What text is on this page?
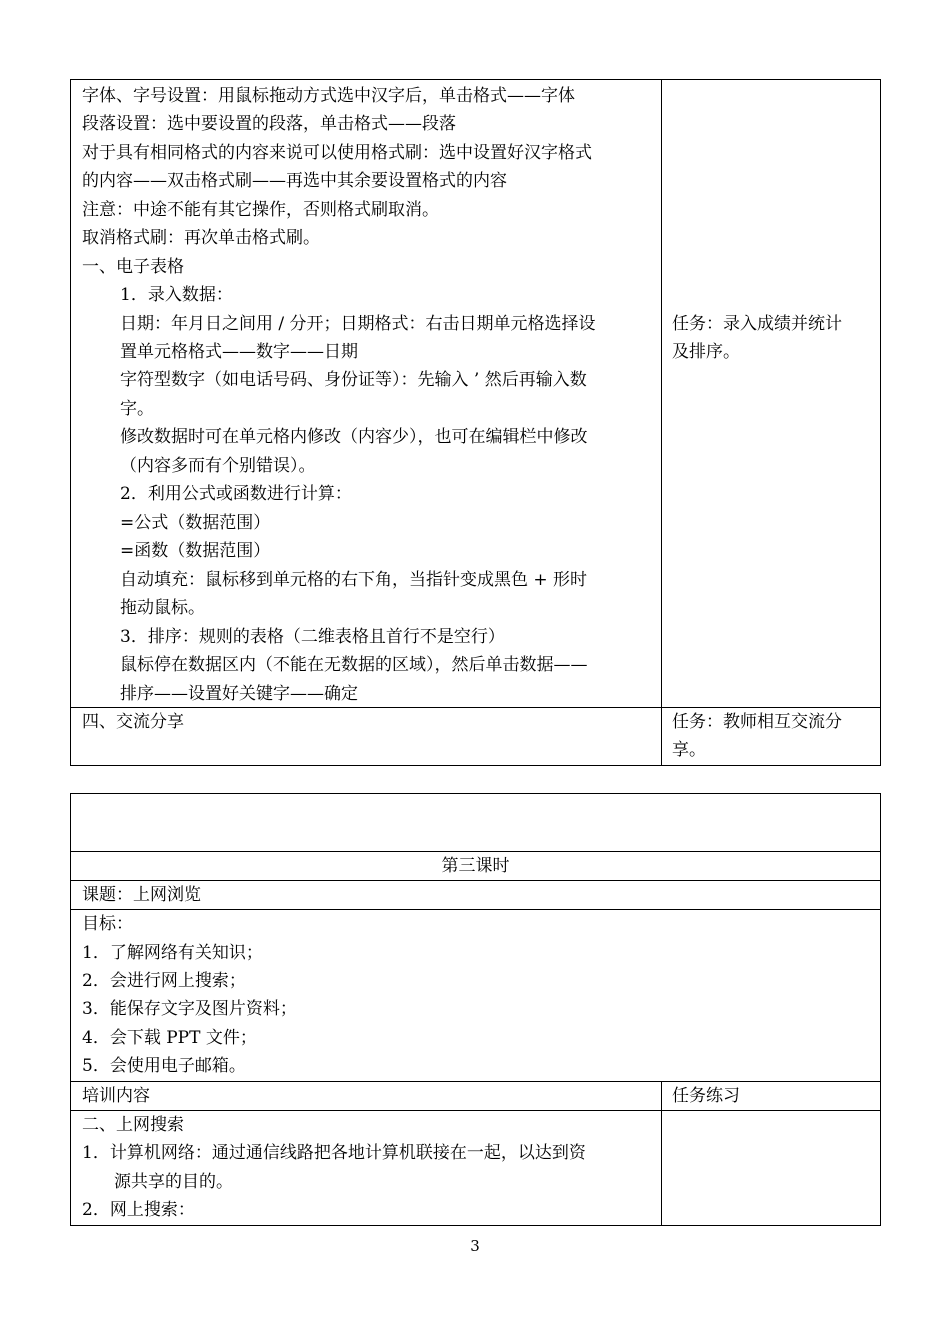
字体、字号设置：用鼠标拖动方式选中汉字后，单击格式——字体
段落设置：选中要设置的段落，单击格式——段落
对于具有相同格式的内容来说可以使用格式刷：选中设置好汉字格式
的内容——双击格式刷——再选中其余要设置格式的内容
注意：中途不能有其它操作，否则格式刷取消。
取消格式刷：再次单击格式刷。
一、电子表格
1．录入数据：
日期：年月日之间用 / 分开；日期格式：右击日期单元格选择设
置单元格格式——数字——日期
字符型数字（如电话号码、身份证等）：先输入 ’ 然后再输入数
字。
修改数据时可在单元格内修改（内容少），也可在编辑栏中修改
（内容多而有个别错误）。
2．利用公式或函数进行计算：
=公式（数据范围）
=函数（数据范围）
自动填充：鼠标移到单元格的右下角，当指针变成黑色 + 形时
拖动鼠标。
3．排序：规则的表格（二维表格且首行不是空行）
鼠标停在数据区内（不能在无数据的区域），然后单击数据——
排序——设置好关键字——确定
任务：录入成绩并统计
及排序。
四、交流分享	任务：教师相互交流分
享。
第三课时
课题：上网浏览
目标：
1．了解网络有关知识；
2．会进行网上搜索；
3．能保存文字及图片资料；
4．会下载 PPT 文件；
5．会使用电子邮箱。
培训内容	任务练习
二、上网搜索
1．计算机网络：通过通信线路把各地计算机联接在一起，以达到资
源共享的目的。
2．网上搜索：
3
